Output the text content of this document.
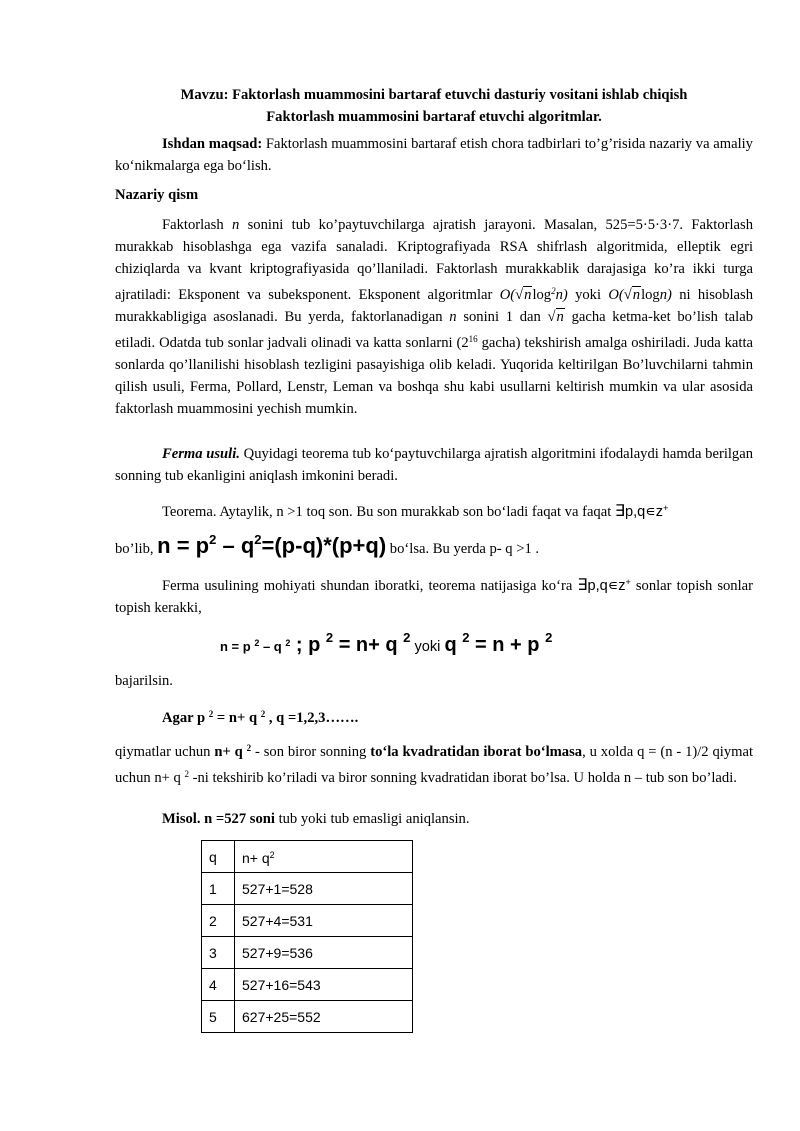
Mavzu: Faktorlash muammosini bartaraf etuvchi dasturiy vositani ishlab chiqish
Faktorlash muammosini bartaraf etuvchi algoritmlar.
Ishdan maqsad: Faktorlash muammosini bartaraf etish chora tadbirlari to’g’risida nazariy va amaliy ko‘nikmalarga ega bo‘lish.
Nazariy qism
Faktorlash n sonini tub ko’paytuvchilarga ajratish jarayoni. Masalan, 525=5·5·3·7. Faktorlash murakkab hisoblashga ega vazifa sanaladi. Kriptografiyada RSA shifrlash algoritmida, elleptik egri chiziqlarda va kvant kriptografiyasida qo’llaniladi. Faktorlash murakkablik darajasiga ko’ra ikki turga ajratiladi: Eksponent va subeksponent. Eksponent algoritmlar O(√nlog$^2$n) yoki O(√nlogn) ni hisoblash murakkabligiga asoslanadi. Bu yerda, faktorlanadigan n sonini 1 dan √n gacha ketma-ket bo’lish talab etiladi. Odatda tub sonlar jadvali olinadi va katta sonlarni ($2^{16}$ gacha) tekshirish amalga oshiriladi. Juda katta sonlarda qo’llanilishi hisoblash tezligini pasayishiga olib keladi. Yuqorida keltirilgan Bo’luvchilarni tahmin qilish usuli, Ferma, Pollard, Lenstr, Leman va boshqa shu kabi usullarni keltirish mumkin va ular asosida faktorlash muammosini yechish mumkin.
Ferma usuli. Quyidagi teorema tub ko‘paytuvchilarga ajratish algoritmini ifodalaydi hamda berilgan sonning tub ekanligini aniqlash imkonini beradi.
Teorema. Aytaylik, n >1 toq son. Bu son murakkab son bo‘ladi faqat va faqat ∃p,q∊z+
bo’lib, n = p2 – q2=(p-q)*(p+q) bo‘lsa. Bu yerda p- q >1 .
Ferma usulining mohiyati shundan iboratki, teorema natijasiga ko‘ra ∃p,q∊z+ sonlar topish sonlar topish kerakki,
n = p $^2$ – q $^2$ ; p 2 = n+ q 2 yoki q 2 = n + p 2
bajarilsin.
Agar p $^2$ = n+ q $^2$ , q =1,2,3…….
qiymatlar uchun n+ q $^2$ - son biror sonning to‘la kvadratidan iborat bo‘lmasa, u xolda q = (n - 1)/2 qiymat uchun n+ q $^2$ -ni tekshirib ko’riladi va biror sonning kvadratidan iborat bo’lsa. U holda n – tub son bo’ladi.
Misol. n =527 soni tub yoki tub emasligi aniqlansin.
q	$n+ q^2$
1	527+1=528
2	527+4=531
3	527+9=536
4	527+16=543
5	627+25=552
